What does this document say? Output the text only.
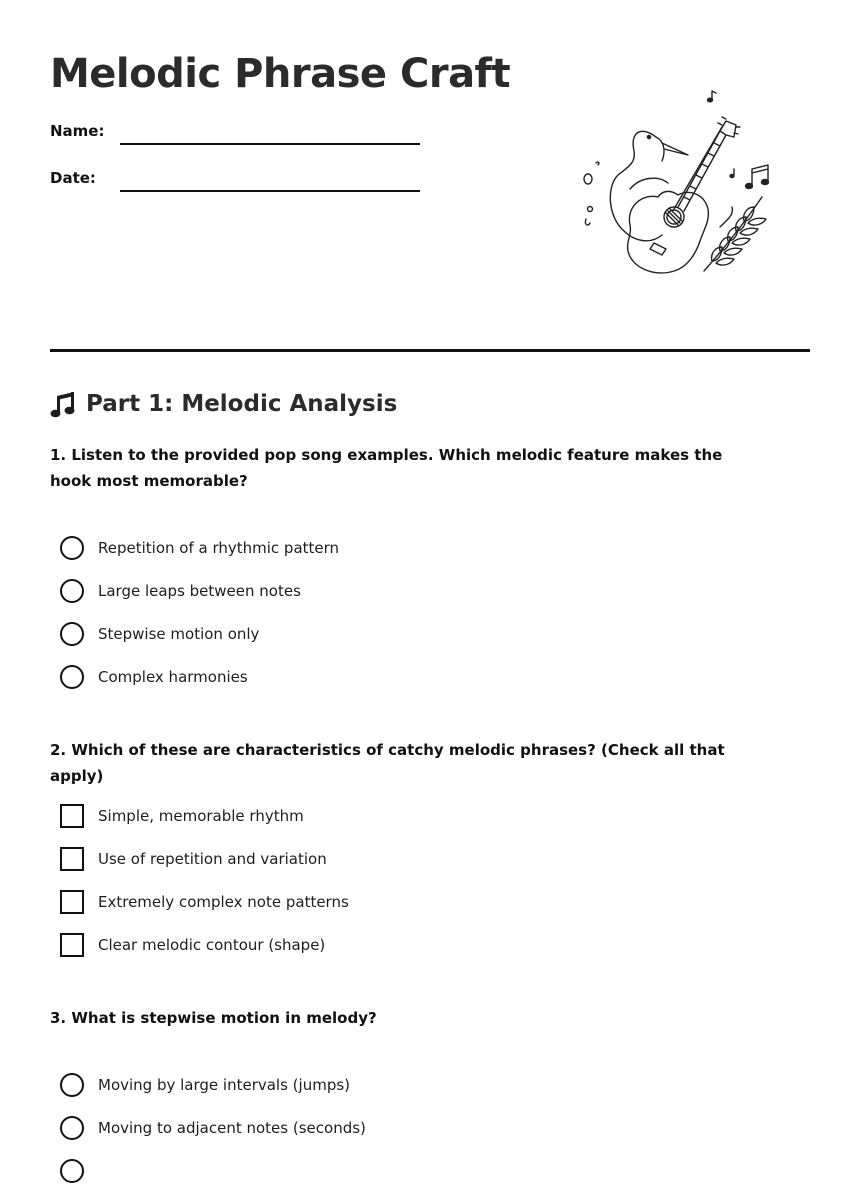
Melodic Phrase Craft
Name:
Date:
Part 1: Melodic Analysis
1. Listen to the provided pop song examples. Which melodic feature makes the hook most memorable?
Repetition of a rhythmic pattern
Large leaps between notes
Stepwise motion only
Complex harmonies
2. Which of these are characteristics of catchy melodic phrases? (Check all that apply)
Simple, memorable rhythm
Use of repetition and variation
Extremely complex note patterns
Clear melodic contour (shape)
3. What is stepwise motion in melody?
Moving by large intervals (jumps)
Moving to adjacent notes (seconds)
